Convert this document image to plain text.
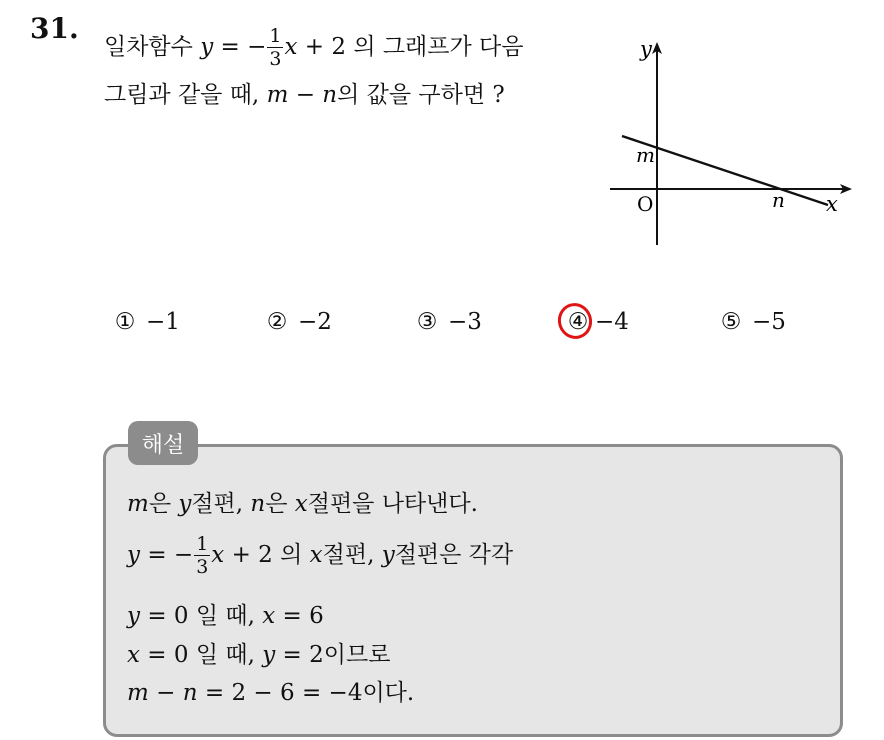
31.
일차함수 y = − $\frac{1}{3}$ x + 2 의 그래프가 다음
그림과 같을 때, m − n의 값을 구하면 ?
y
x
O
m
n
① −1	② −2	③ −3	④ −4	⑤ −5
해설
m은 y절편, n은 x절편을 나타낸다.
y = − $\frac{1}{3}$ x + 2 의 x절편, y절편은 각각
y = 0 일 때, x = 6
x = 0 일 때, y = 2이므로
m − n = 2 − 6 = −4이다.
